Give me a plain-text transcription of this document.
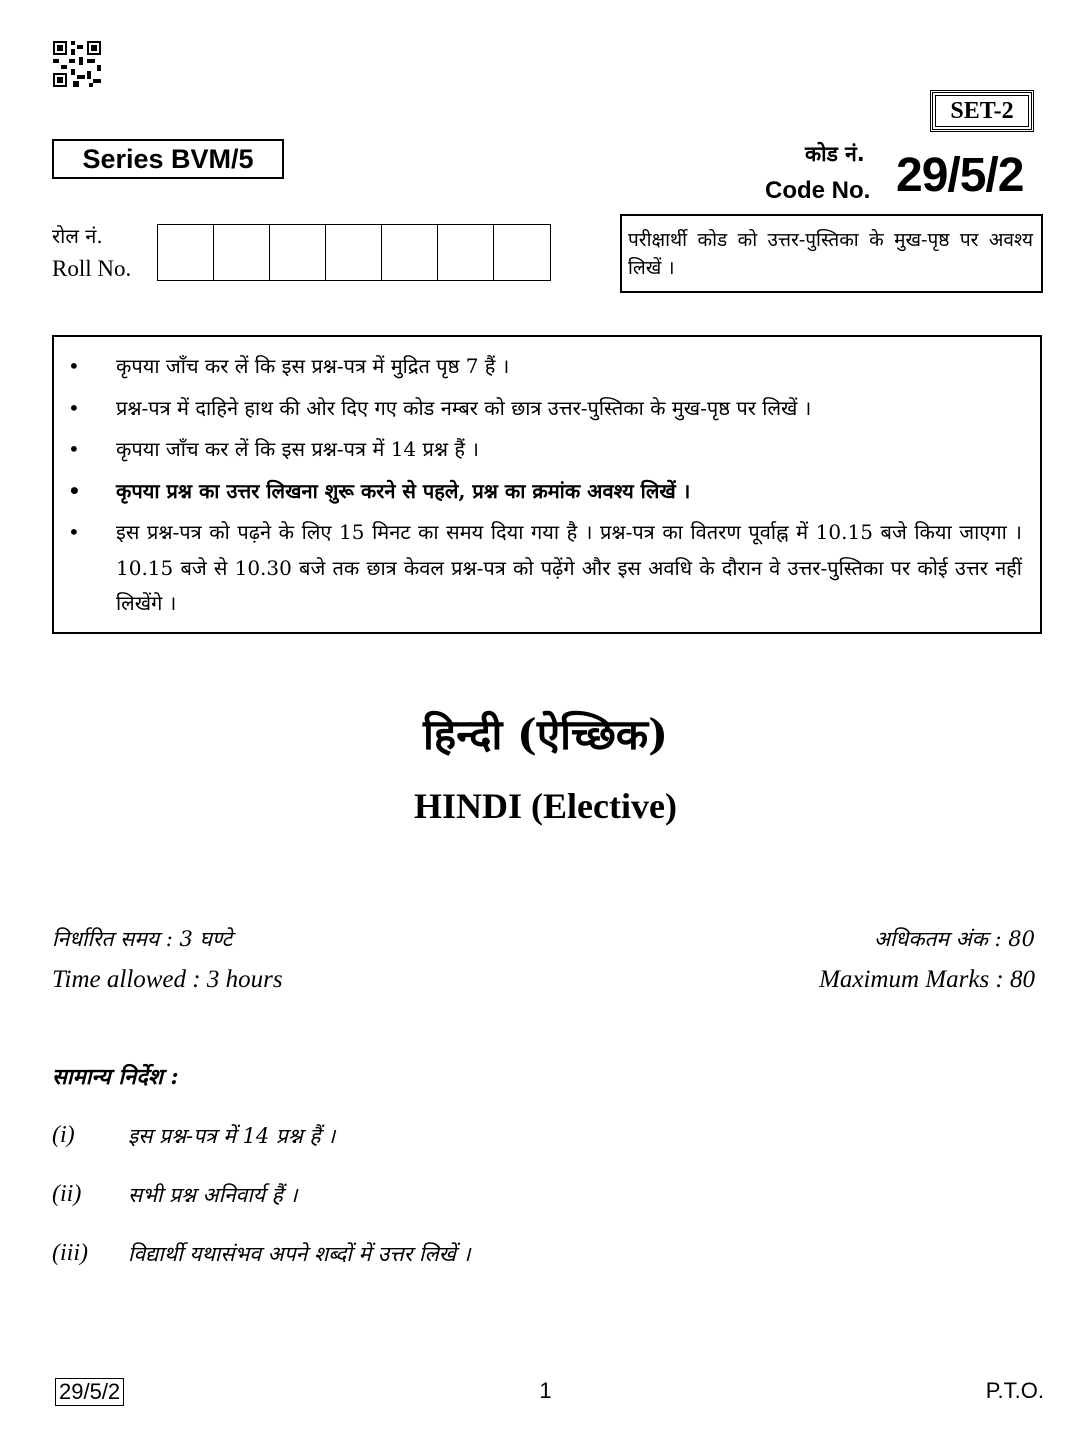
SET-2
Series BVM/5	कोड नं.
Code No. 29/5/2
रोल नं.
Roll No.
परीक्षार्थी कोड को उत्तर-पुस्तिका के मुख-पृष्ठ पर अवश्य लिखें ।
• कृपया जाँच कर लें कि इस प्रश्न-पत्र में मुद्रित पृष्ठ 7 हैं ।
• प्रश्न-पत्र में दाहिने हाथ की ओर दिए गए कोड नम्बर को छात्र उत्तर-पुस्तिका के मुख-पृष्ठ पर लिखें ।
• कृपया जाँच कर लें कि इस प्रश्न-पत्र में 14 प्रश्न हैं ।
• कृपया प्रश्न का उत्तर लिखना शुरू करने से पहले, प्रश्न का क्रमांक अवश्य लिखें ।
• इस प्रश्न-पत्र को पढ़ने के लिए 15 मिनट का समय दिया गया है । प्रश्न-पत्र का वितरण पूर्वाह्न में 10.15 बजे किया जाएगा । 10.15 बजे से 10.30 बजे तक छात्र केवल प्रश्न-पत्र को पढ़ेंगे और इस अवधि के दौरान वे उत्तर-पुस्तिका पर कोई उत्तर नहीं लिखेंगे ।
हिन्दी (ऐच्छिक)
HINDI (Elective)
निर्धारित समय : 3 घण्टे
Time allowed : 3 hours
अधिकतम अंक : 80
Maximum Marks : 80
सामान्य निर्देश :
(i)	इस प्रश्न-पत्र में 14 प्रश्न हैं ।
(ii) सभी प्रश्न अनिवार्य हैं ।
(iii) विद्यार्थी यथासंभव अपने शब्दों में उत्तर लिखें ।
29/5/2	1	P.T.O.
